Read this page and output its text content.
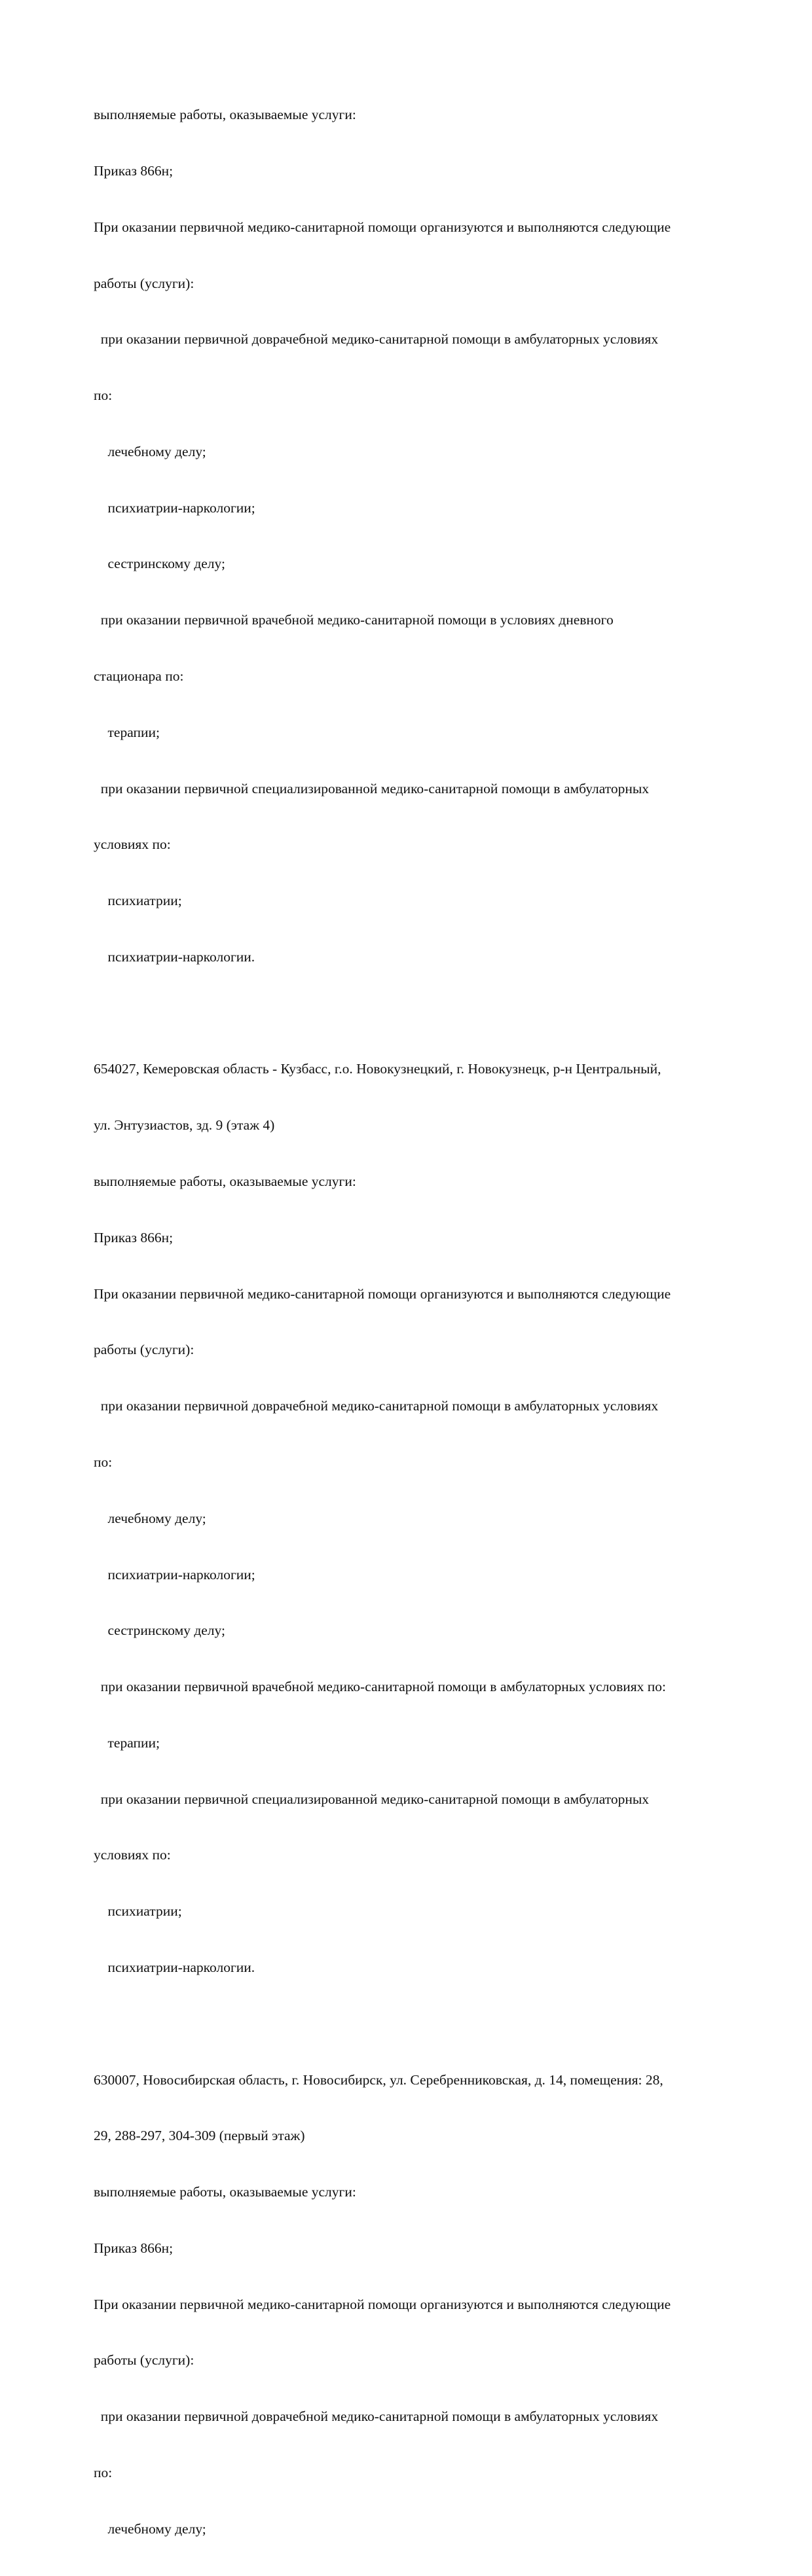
выполняемые работы, оказываемые услуги:

Приказ 866н;

При оказании первичной медико-санитарной помощи организуются и выполняются следующие

работы (услуги):

при оказании первичной доврачебной медико-санитарной помощи в амбулаторных условиях

по:

лечебному делу;

психиатрии-наркологии;

сестринскому делу;

при оказании первичной врачебной медико-санитарной помощи в условиях дневного

стационара по:

терапии;

при оказании первичной специализированной медико-санитарной помощи в амбулаторных

условиях по:

психиатрии;

психиатрии-наркологии.

654027, Кемеровская область - Кузбасс, г.о. Новокузнецкий, г. Новокузнецк, р-н Центральный,

ул. Энтузиастов, зд. 9 (этаж 4)

выполняемые работы, оказываемые услуги:

Приказ 866н;

При оказании первичной медико-санитарной помощи организуются и выполняются следующие

работы (услуги):

при оказании первичной доврачебной медико-санитарной помощи в амбулаторных условиях

по:

лечебному делу;

психиатрии-наркологии;

сестринскому делу;

при оказании первичной врачебной медико-санитарной помощи в амбулаторных условиях по:

терапии;

при оказании первичной специализированной медико-санитарной помощи в амбулаторных

условиях по:

психиатрии;

психиатрии-наркологии.

630007, Новосибирская область, г. Новосибирск, ул. Серебренниковская, д. 14, помещения: 28,

29, 288-297, 304-309 (первый этаж)

выполняемые работы, оказываемые услуги:

Приказ 866н;

При оказании первичной медико-санитарной помощи организуются и выполняются следующие

работы (услуги):

при оказании первичной доврачебной медико-санитарной помощи в амбулаторных условиях

по:

лечебному делу;
